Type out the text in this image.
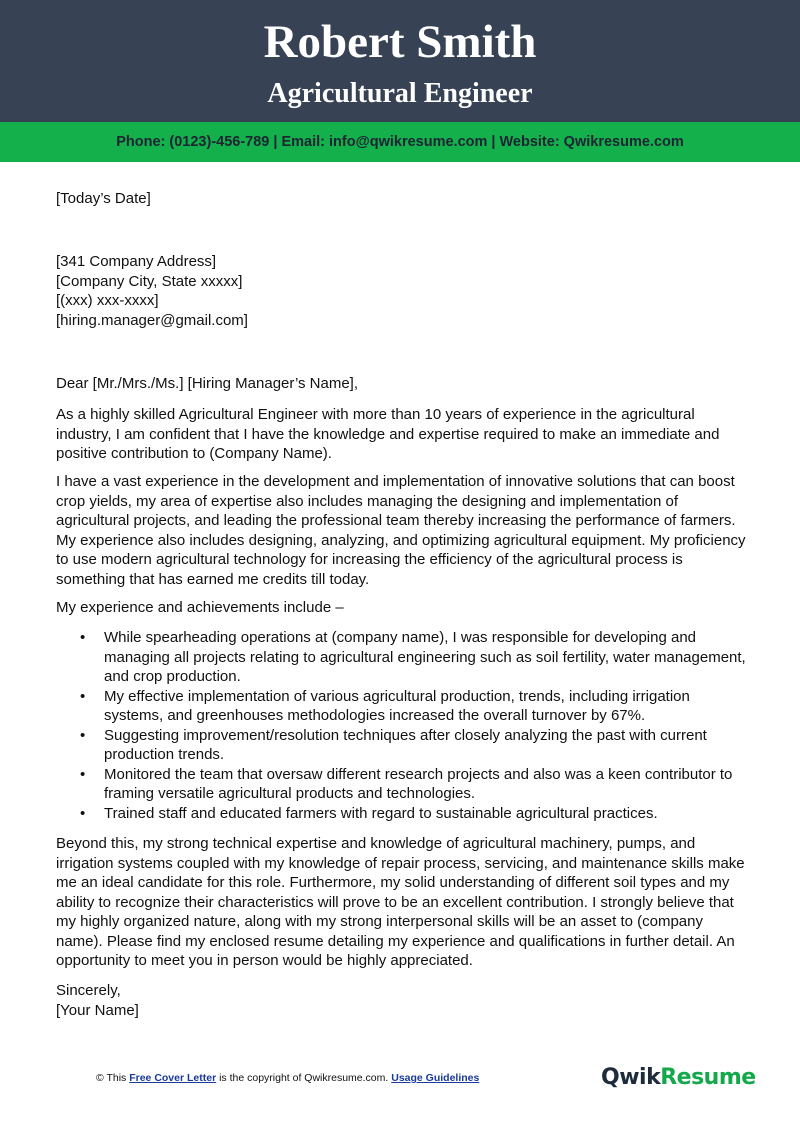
Robert Smith
Agricultural Engineer
Phone: (0123)-456-789 | Email: info@qwikresume.com | Website: Qwikresume.com
[Today’s Date]

[341 Company Address]

[Company City, State xxxxx]

[(xxx) xxx-xxxx]

[hiring.manager@gmail.com]

Dear [Mr./Mrs./Ms.] [Hiring Manager’s Name],
As a highly skilled Agricultural Engineer with more than 10 years of experience in the agricultural industry, I am confident that I have the knowledge and expertise required to make an immediate and positive contribution to (Company Name).
I have a vast experience in the development and implementation of innovative solutions that can boost crop yields, my area of expertise also includes managing the designing and implementation of agricultural projects, and leading the professional team thereby increasing the performance of farmers. My experience also includes designing, analyzing, and optimizing agricultural equipment. My proficiency to use modern agricultural technology for increasing the efficiency of the agricultural process is something that has earned me credits till today.
My experience and achievements include –
• While spearheading operations at (company name), I was responsible for developing and managing all projects relating to agricultural engineering such as soil fertility, water management, and crop production.
• My effective implementation of various agricultural production, trends, including irrigation systems, and greenhouses methodologies increased the overall turnover by 67%.
• Suggesting improvement/resolution techniques after closely analyzing the past with current production trends.
• Monitored the team that oversaw different research projects and also was a keen contributor to framing versatile agricultural products and technologies.
• Trained staff and educated farmers with regard to sustainable agricultural practices.
Beyond this, my strong technical expertise and knowledge of agricultural machinery, pumps, and irrigation systems coupled with my knowledge of repair process, servicing, and maintenance skills make me an ideal candidate for this role. Furthermore, my solid understanding of different soil types and my ability to recognize their characteristics will prove to be an excellent contribution. I strongly believe that my highly organized nature, along with my strong interpersonal skills will be an asset to (company name). Please find my enclosed resume detailing my experience and qualifications in further detail. An opportunity to meet you in person would be highly appreciated.

Sincerely,

[Your Name]

© This Free Cover Letter is the copyright of Qwikresume.com. Usage Guidelines	QwikResume
